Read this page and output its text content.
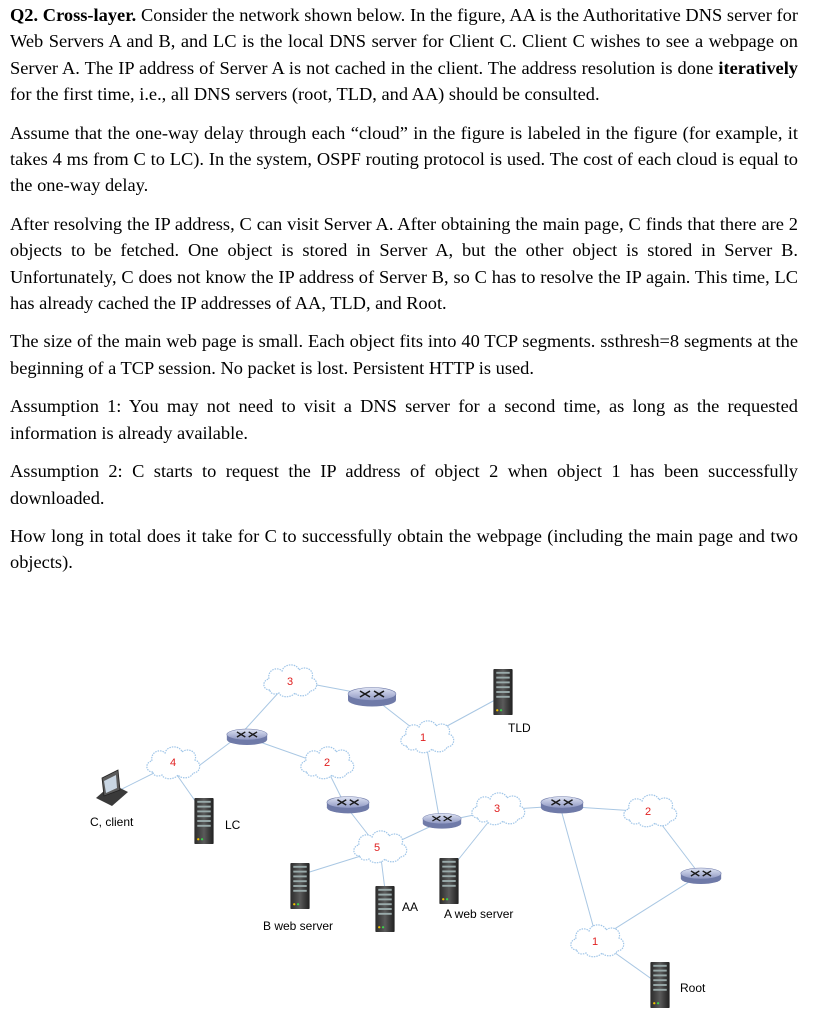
Q2. Cross-layer. Consider the network shown below. In the figure, AA is the Authoritative DNS server for Web Servers A and B, and LC is the local DNS server for Client C. Client C wishes to see a webpage on Server A. The IP address of Server A is not cached in the client. The address resolution is done iteratively for the first time, i.e., all DNS servers (root, TLD, and AA) should be consulted.

Assume that the one-way delay through each “cloud” in the figure is labeled in the figure (for example, it takes 4 ms from C to LC). In the system, OSPF routing protocol is used. The cost of each cloud is equal to the one-way delay.

After resolving the IP address, C can visit Server A. After obtaining the main page, C finds that there are 2 objects to be fetched. One object is stored in Server A, but the other object is stored in Server B. Unfortunately, C does not know the IP address of Server B, so C has to resolve the IP again. This time, LC has already cached the IP addresses of AA, TLD, and Root.

The size of the main web page is small. Each object fits into 40 TCP segments. ssthresh=8 segments at the beginning of a TCP session. No packet is lost. Persistent HTTP is used.

Assumption 1: You may not need to visit a DNS server for a second time, as long as the requested information is already available.

Assumption 2: C starts to request the IP address of object 2 when object 1 has been successfully downloaded.

How long in total does it take for C to successfully obtain the webpage (including the main page and two objects).

4
3
2
1
5
3	2
1
C, client	LC
TLD
B web server
AA A web server
Root
